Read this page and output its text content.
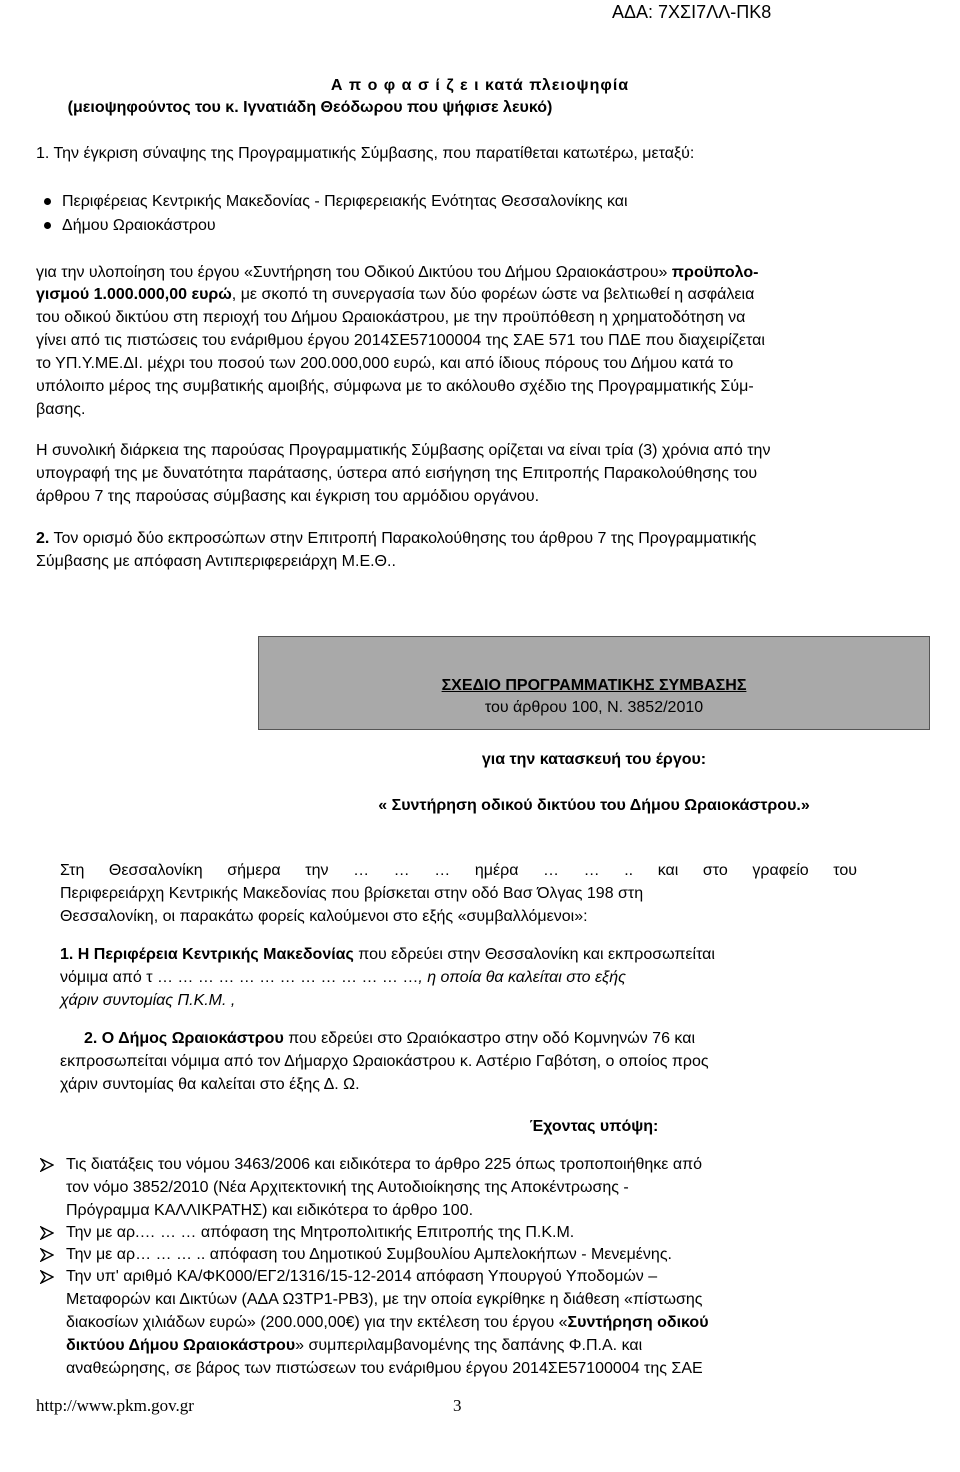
ΑΔΑ: 7ΧΣΙ7ΛΛ-ΠΚ8
Α π ο φ α σ ί ζ ε ι κατά πλειοψηφία
(μειοψηφούντος του κ. Ιγνατιάδη Θεόδωρου που ψήφισε λευκό)
1. Την έγκριση σύναψης της Προγραμματικής Σύμβασης, που παρατίθεται κατωτέρω, μεταξύ:
Περιφέρειας Κεντρικής Μακεδονίας - Περιφερειακής Ενότητας Θεσσαλονίκης και
Δήμου Ωραιοκάστρου
για την υλοποίηση του έργου «Συντήρηση του Οδικού Δικτύου του Δήμου Ωραιοκάστρου» προϋπολο-
γισμού 1.000.000,00 ευρώ, με σκοπό τη συνεργασία των δύο φορέων ώστε να βελτιωθεί η ασφάλεια
του οδικού δικτύου στη περιοχή του Δήμου Ωραιοκάστρου, με την προϋπόθεση η χρηματοδότηση να
γίνει από τις πιστώσεις του ενάριθμου έργου 2014ΣΕ57100004 της ΣΑΕ 571 του ΠΔΕ που διαχειρίζεται
το ΥΠ.Υ.ΜΕ.ΔΙ. μέχρι του ποσού των 200.000,000 ευρώ, και από ίδιους πόρους του Δήμου κατά το
υπόλοιπο μέρος της συμβατικής αμοιβής, σύμφωνα με το ακόλουθο σχέδιο της Προγραμματικής Σύμ-
βασης.
Η συνολική διάρκεια της παρούσας Προγραμματικής Σύμβασης ορίζεται να είναι τρία (3) χρόνια από την
υπογραφή της με δυνατότητα παράτασης, ύστερα από εισήγηση της Επιτροπής Παρακολούθησης του
άρθρου 7 της παρούσας σύμβασης και έγκριση του αρμόδιου οργάνου.
2. Τον ορισμό δύο εκπροσώπων στην Επιτροπή Παρακολούθησης του άρθρου 7 της Προγραμματικής
Σύμβασης με απόφαση Αντιπεριφερειάρχη Μ.Ε.Θ..
ΣΧΕΔΙΟ ΠΡΟΓΡΑΜΜΑΤΙΚΗΣ ΣΥΜΒΑΣΗΣ
του άρθρου 100, Ν. 3852/2010
για την κατασκευή του έργου:
« Συντήρηση οδικού δικτύου του Δήμου Ωραιοκάστρου.»
Στη Θεσσαλονίκη σήμερα την … … … ημέρα … … .. και στο γραφείο του
Περιφερειάρχη Κεντρικής Μακεδονίας που βρίσκεται στην οδό Βασ Όλγας 198 στη
Θεσσαλονίκη, οι παρακάτω φορείς καλούμενοι στο εξής «συμβαλλόμενοι»:
1. Η Περιφέρεια Κεντρικής Μακεδονίας που εδρεύει στην Θεσσαλονίκη και εκπροσωπείται
νόμιμα από τ … … … … … … … … … … … … …, η οποία θα καλείται στο εξής
χάριν συντομίας Π.Κ.Μ. ,
2. Ο Δήμος Ωραιοκάστρου που εδρεύει στο Ωραιόκαστρο στην οδό Κομνηνών 76 και
εκπροσωπείται νόμιμα από τον Δήμαρχο Ωραιοκάστρου κ. Αστέριο Γαβότση, ο οποίος προς
χάριν συντομίας θα καλείται στο έξης Δ. Ω.
Έχοντας υπόψη:
Τις διατάξεις του νόμου 3463/2006 και ειδικότερα το άρθρο 225 όπως τροποποιήθηκε από
τον νόμο 3852/2010 (Νέα Αρχιτεκτονική της Αυτοδιοίκησης της Αποκέντρωσης -
Πρόγραμμα ΚΑΛΛΙΚΡΑΤΗΣ) και ειδικότερα το άρθρο 100.
Την με αρ.… … … απόφαση της Μητροπολιτικής Επιτροπής της Π.Κ.Μ.
Την με αρ… … … .. απόφαση του Δημοτικού Συμβουλίου Αμπελοκήπων - Μενεμένης.
Την υπ' αριθμό ΚΑ/ΦΚ000/ΕΓ2/1316/15-12-2014 απόφαση Υπουργού Υποδομών –
Μεταφορών και Δικτύων (ΑΔΑ Ω3ΤΡ1-ΡΒ3), με την οποία εγκρίθηκε η διάθεση «πίστωσης
διακοσίων χιλιάδων ευρώ» (200.000,00€) για την εκτέλεση του έργου «Συντήρηση οδικού
δικτύου Δήμου Ωραιοκάστρου» συμπεριλαμβανομένης της δαπάνης Φ.Π.Α. και
αναθεώρησης, σε βάρος των πιστώσεων του ενάριθμου έργου 2014ΣΕ57100004 της ΣΑΕ
http://www.pkm.gov.gr	3
